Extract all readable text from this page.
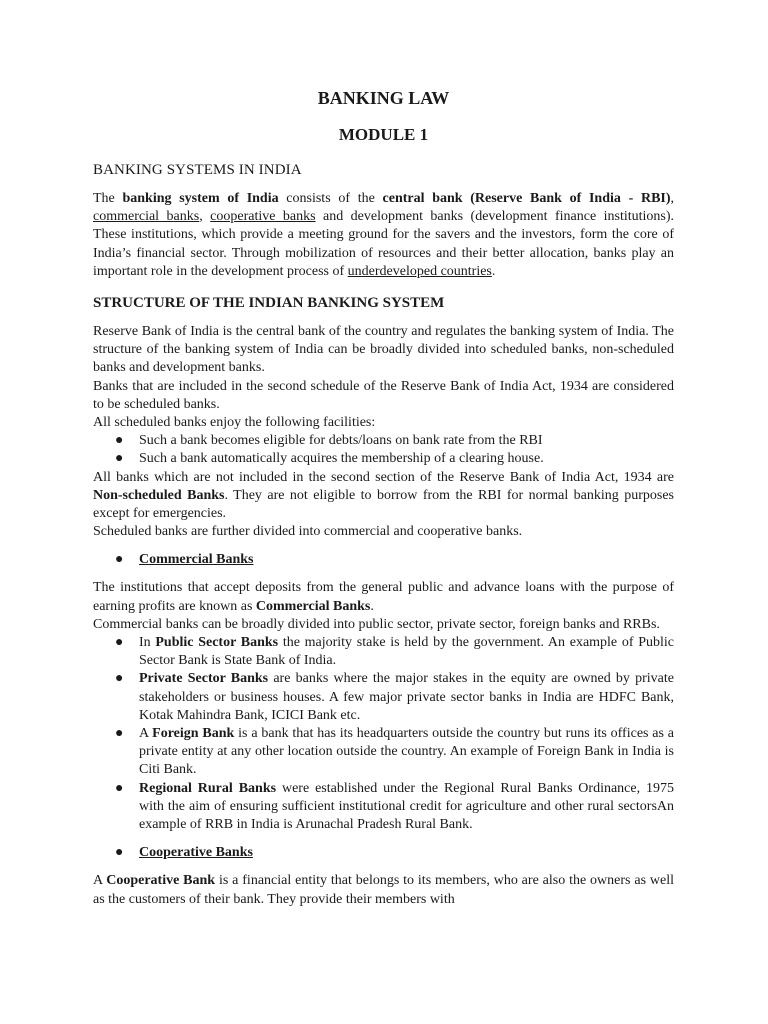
BANKING LAW
MODULE 1
BANKING SYSTEMS IN INDIA

The banking system of India consists of the central bank (Reserve Bank of India - RBI), commercial banks, cooperative banks and development banks (development finance institutions). These institutions, which provide a meeting ground for the savers and the investors, form the core of India’s financial sector. Through mobilization of resources and their better allocation, banks play an important role in the development process of underdeveloped countries.

STRUCTURE OF THE INDIAN BANKING SYSTEM

Reserve Bank of India is the central bank of the country and regulates the banking system of India. The structure of the banking system of India can be broadly divided into scheduled banks, non-scheduled banks and development banks.

Banks that are included in the second schedule of the Reserve Bank of India Act, 1934 are considered to be scheduled banks.

All scheduled banks enjoy the following facilities:

● Such a bank becomes eligible for debts/loans on bank rate from the RBI
● Such a bank automatically acquires the membership of a clearing house.

All banks which are not included in the second section of the Reserve Bank of India Act, 1934 are Non-scheduled Banks. They are not eligible to borrow from the RBI for normal banking purposes except for emergencies.

Scheduled banks are further divided into commercial and cooperative banks.

● Commercial Banks

The institutions that accept deposits from the general public and advance loans with the purpose of earning profits are known as Commercial Banks.

Commercial banks can be broadly divided into public sector, private sector, foreign banks and RRBs.

● In Public Sector Banks the majority stake is held by the government. An example of Public Sector Bank is State Bank of India.
● Private Sector Banks are banks where the major stakes in the equity are owned by private stakeholders or business houses. A few major private sector banks in India are HDFC Bank, Kotak Mahindra Bank, ICICI Bank etc.
● A Foreign Bank is a bank that has its headquarters outside the country but runs its offices as a private entity at any other location outside the country. An example of Foreign Bank in India is Citi Bank.
● Regional Rural Banks were established under the Regional Rural Banks Ordinance, 1975 with the aim of ensuring sufficient institutional credit for agriculture and other rural sectorsAn example of RRB in India is Arunachal Pradesh Rural Bank.
● Cooperative Banks

A Cooperative Bank is a financial entity that belongs to its members, who are also the owners as well as the customers of their bank. They provide their members with
